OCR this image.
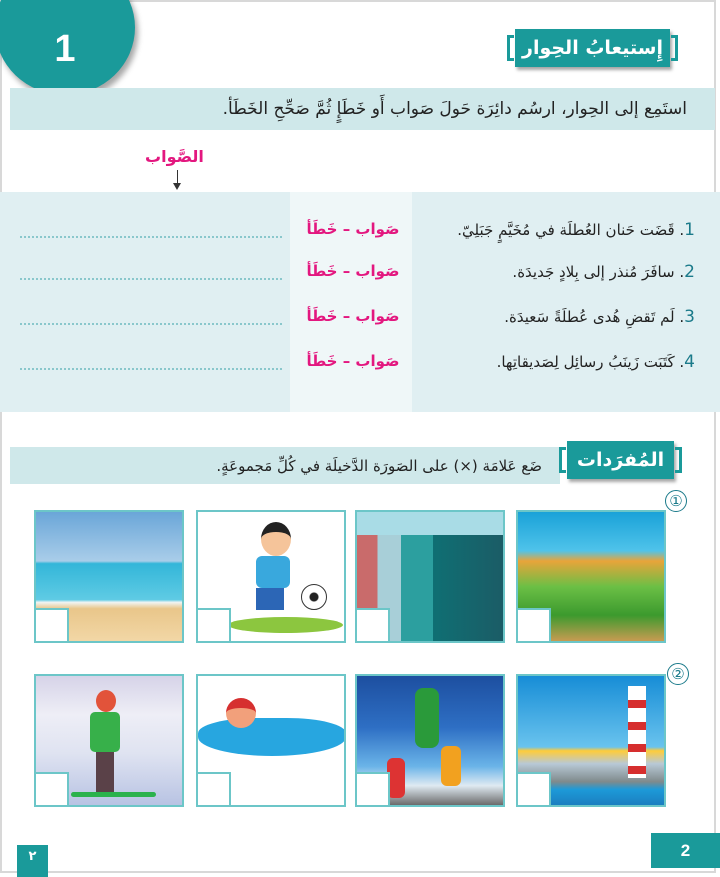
1	إِستيعابُ الحِوار
استَمِع إلى الحِوار، ارسُم دائِرَة حَولَ صَواب أَو خَطَإٍ ثُمَّ صَحِّحِ الخَطَأ.
الصَّواب
1. قَضَت حَنان العُطلَة في مُخَيَّمٍ جَبَلِيّ.
صَواب – خَطَأ
2. سافَرَ مُنذر إلى بِلادٍ جَديدَة.
صَواب – خَطَأ
3. لَم تَقضِ هُدى عُطلَةً سَعيدَة.
صَواب – خَطَأ
4. كَتَبَت زَينَبُ رسائِل لِصَديقاتِها.
صَواب – خَطَأ
ضَع عَلامَة (×) على الصَورَة الدَّخيلَة في كُلِّ مَجموعَةٍ. المُفرَدات
①
②
٢	2
